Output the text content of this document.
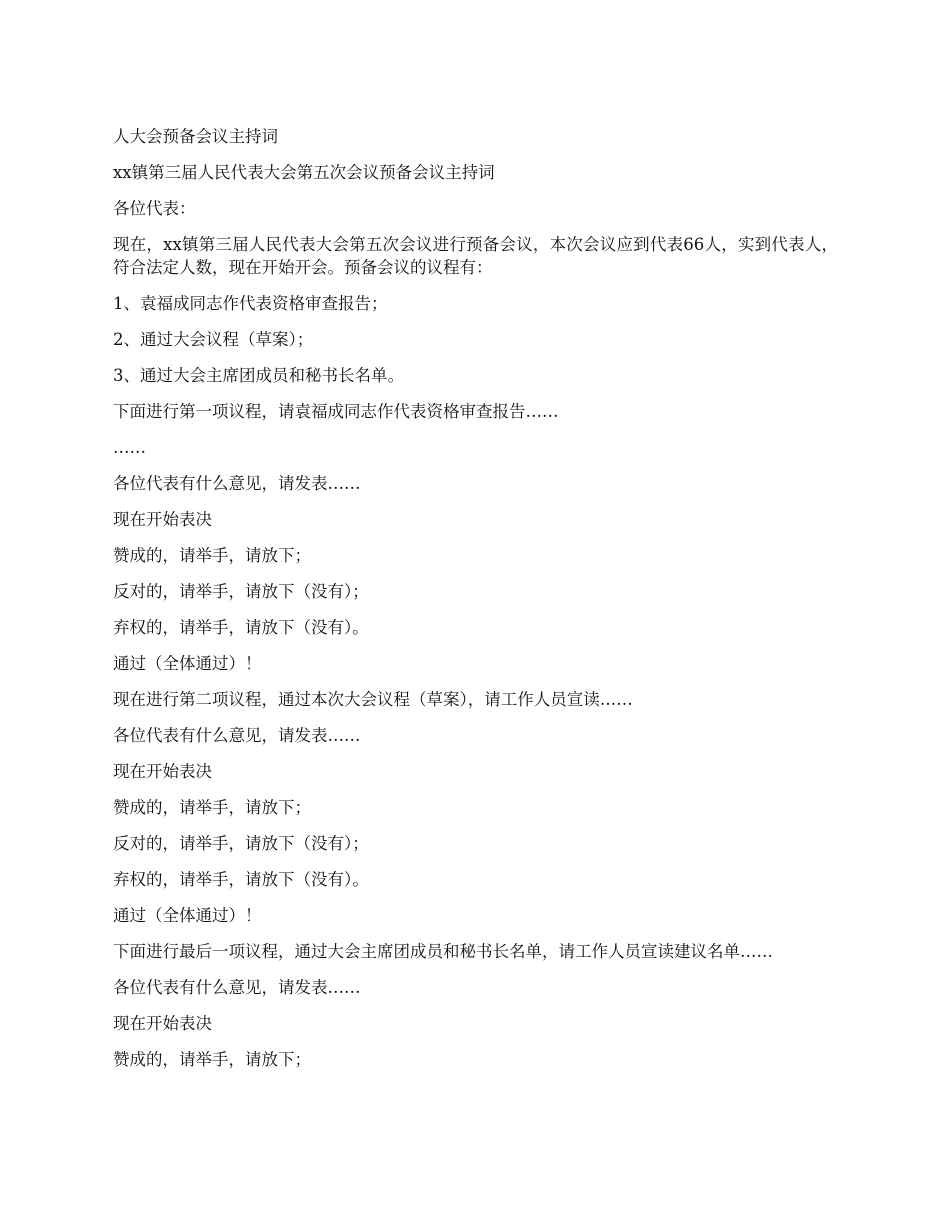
人大会预备会议主持词

xx镇第三届人民代表大会第五次会议预备会议主持词

各位代表：

现在，xx镇第三届人民代表大会第五次会议进行预备会议，本次会议应到代表66人，实到代表人，符合法定人数，现在开始开会。预备会议的议程有：

1、袁福成同志作代表资格审查报告；

2、通过大会议程（草案）；

3、通过大会主席团成员和秘书长名单。

下面进行第一项议程，请袁福成同志作代表资格审查报告……

……

各位代表有什么意见，请发表……

现在开始表决

赞成的，请举手，请放下；

反对的，请举手，请放下（没有）；

弃权的，请举手，请放下（没有）。

通过（全体通过）！

现在进行第二项议程，通过本次大会议程（草案），请工作人员宣读……

各位代表有什么意见，请发表……

现在开始表决

赞成的，请举手，请放下；

反对的，请举手，请放下（没有）；

弃权的，请举手，请放下（没有）。

通过（全体通过）！

下面进行最后一项议程，通过大会主席团成员和秘书长名单，请工作人员宣读建议名单……

各位代表有什么意见，请发表……

现在开始表决

赞成的，请举手，请放下；
